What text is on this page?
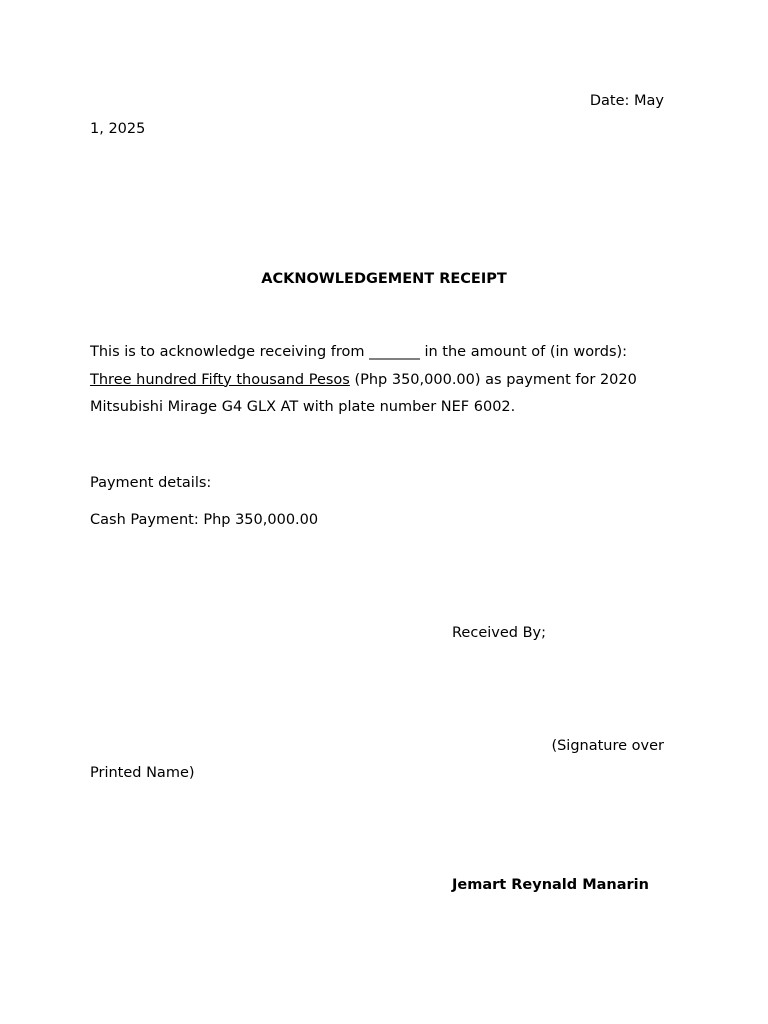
Date: May
1, 2025
ACKNOWLEDGEMENT RECEIPT
This is to acknowledge receiving from _______ in the amount of (in words):
Three hundred Fifty thousand Pesos (Php 350,000.00) as payment for 2020
Mitsubishi Mirage G4 GLX AT with plate number NEF 6002.
Payment details:
Cash Payment: Php 350,000.00
Received By;
(Signature over
Printed Name)
Jemart Reynald Manarin
